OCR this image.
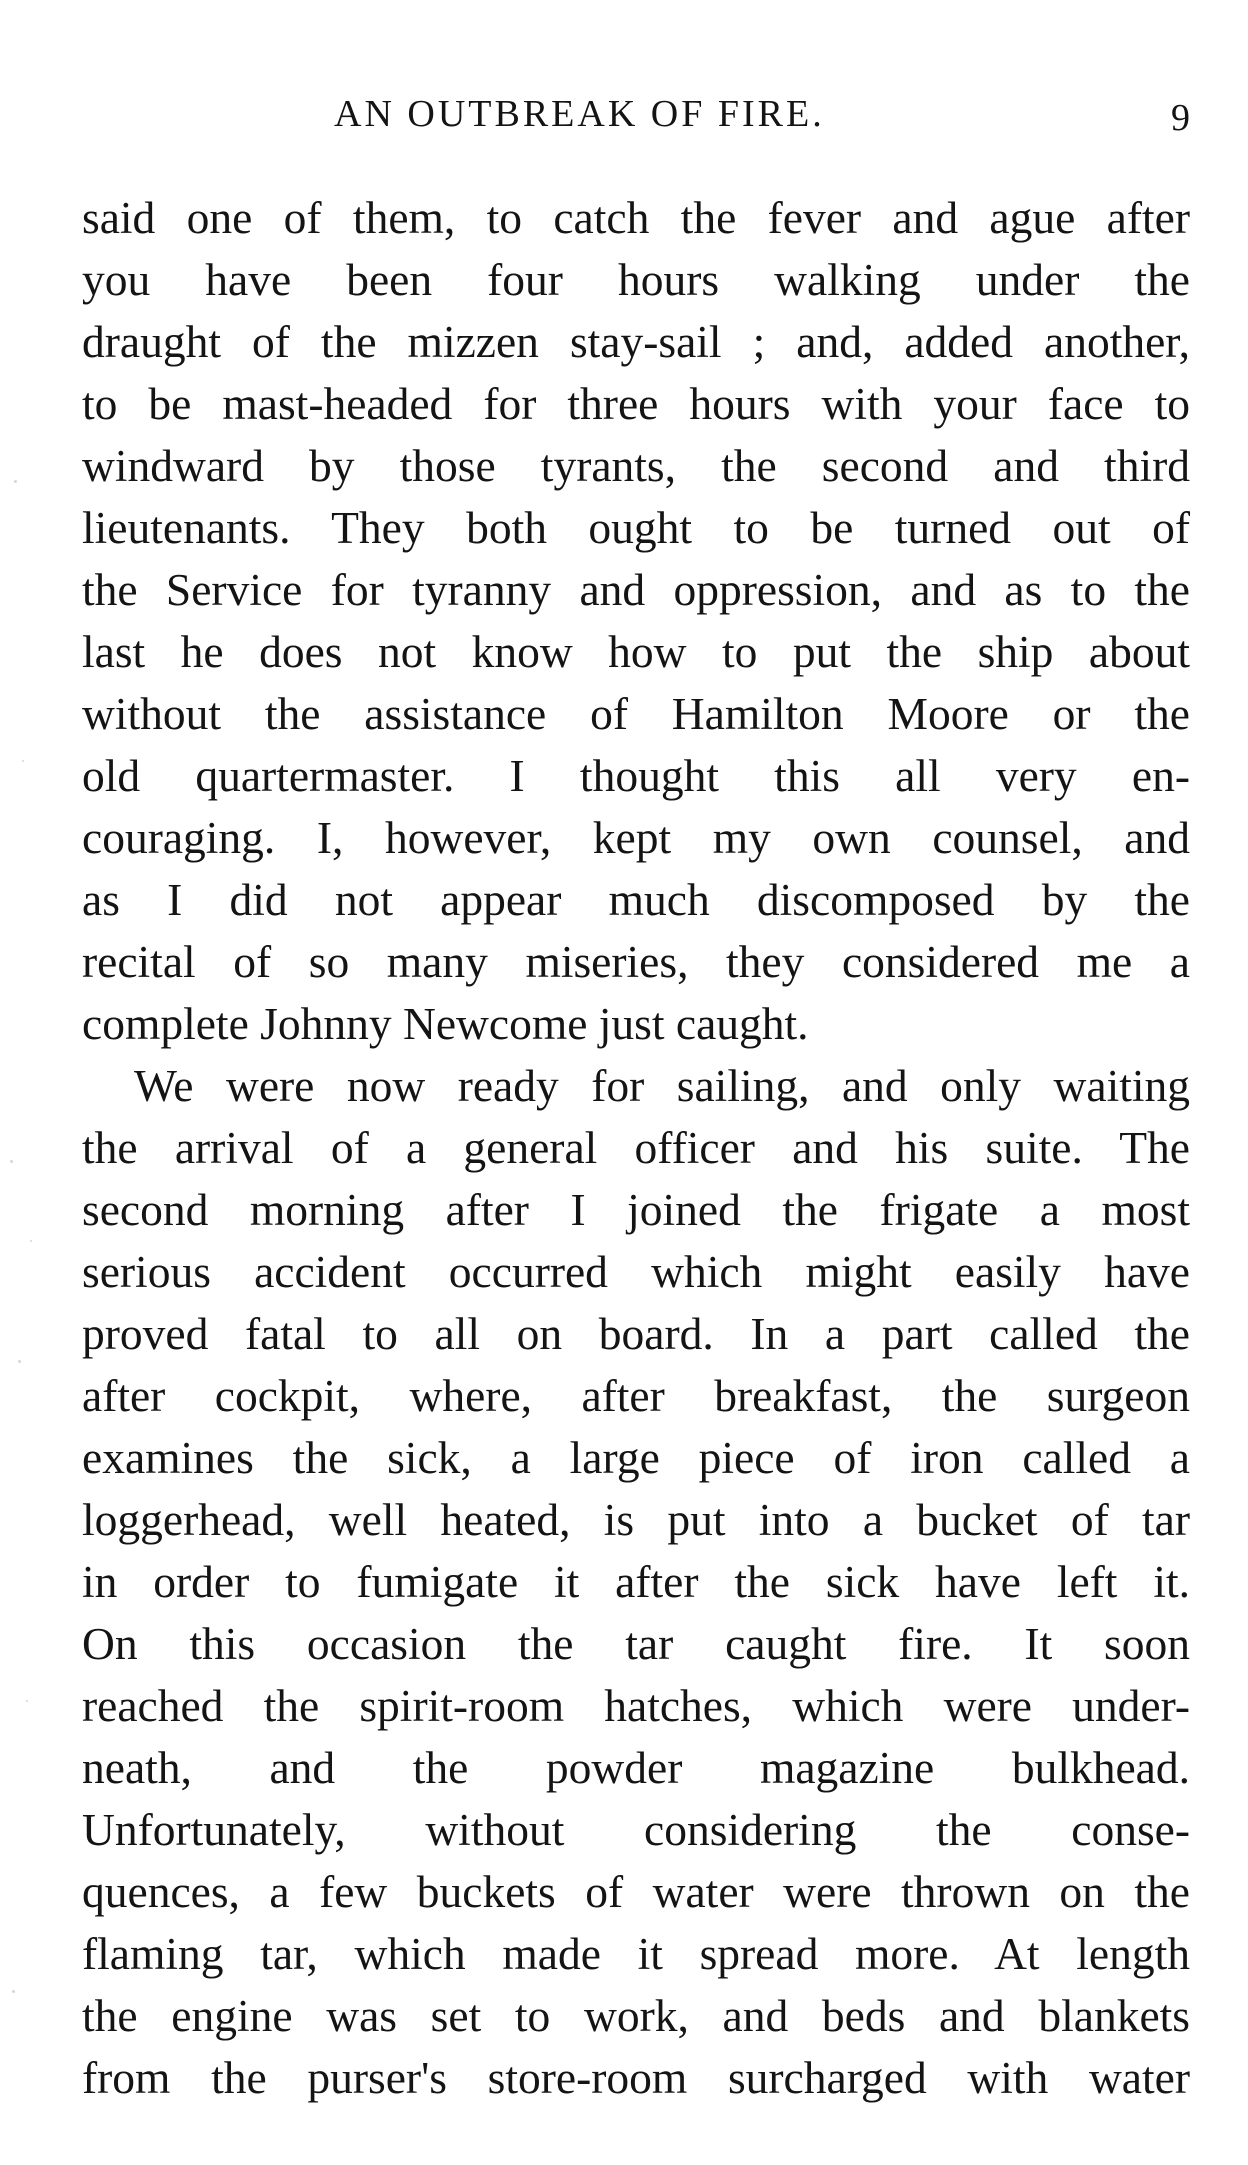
AN OUTBREAK OF FIRE.	9
said one of them, to catch the fever and ague after
you have been four hours walking under the
draught of the mizzen stay-sail ; and, added another,
to be mast-headed for three hours with your face to
windward by those tyrants, the second and third
lieutenants. They both ought to be turned out of
the Service for tyranny and oppression, and as to the
last he does not know how to put the ship about
without the assistance of Hamilton Moore or the
old quartermaster. I thought this all very en-
couraging. I, however, kept my own counsel, and
as I did not appear much discomposed by the
recital of so many miseries, they considered me a
complete Johnny Newcome just caught.
We were now ready for sailing, and only waiting
the arrival of a general officer and his suite. The
second morning after I joined the frigate a most
serious accident occurred which might easily have
proved fatal to all on board. In a part called the
after cockpit, where, after breakfast, the surgeon
examines the sick, a large piece of iron called a
loggerhead, well heated, is put into a bucket of tar
in order to fumigate it after the sick have left it.
On this occasion the tar caught fire. It soon
reached the spirit-room hatches, which were under-
neath, and the powder magazine bulkhead.
Unfortunately, without considering the conse-
quences, a few buckets of water were thrown on the
flaming tar, which made it spread more. At length
the engine was set to work, and beds and blankets
from the purser's store-room surcharged with water
